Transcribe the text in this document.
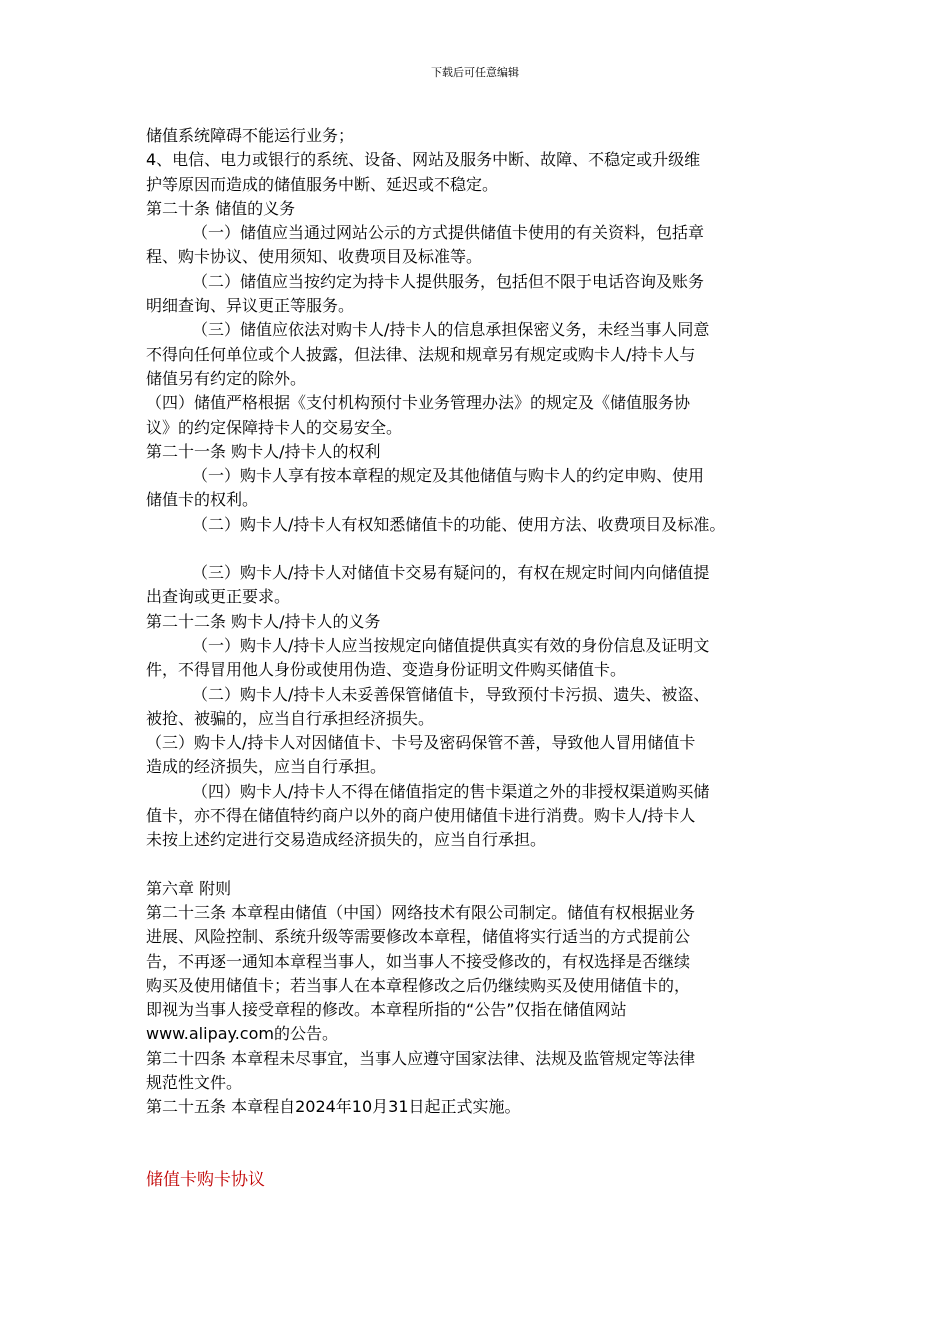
下载后可任意编辑

储值系统障碍不能运行业务；

4、电信、电力或银行的系统、设备、网站及服务中断、故障、不稳定或升级维

护等原因而造成的储值服务中断、延迟或不稳定。

第二十条 储值的义务

（一）储值应当通过网站公示的方式提供储值卡使用的有关资料，包括章

程、购卡协议、使用须知、收费项目及标准等。

（二）储值应当按约定为持卡人提供服务，包括但不限于电话咨询及账务

明细查询、异议更正等服务。

（三）储值应依法对购卡人/持卡人的信息承担保密义务，未经当事人同意

不得向任何单位或个人披露，但法律、法规和规章另有规定或购卡人/持卡人与

储值另有约定的除外。

（四）储值严格根据《支付机构预付卡业务管理办法》的规定及《储值服务协

议》的约定保障持卡人的交易安全。

第二十一条 购卡人/持卡人的权利

（一）购卡人享有按本章程的规定及其他储值与购卡人的约定申购、使用

储值卡的权利。

（二）购卡人/持卡人有权知悉储值卡的功能、使用方法、收费项目及标准。

（三）购卡人/持卡人对储值卡交易有疑问的，有权在规定时间内向储值提

出查询或更正要求。

第二十二条 购卡人/持卡人的义务

（一）购卡人/持卡人应当按规定向储值提供真实有效的身份信息及证明文

件，不得冒用他人身份或使用伪造、变造身份证明文件购买储值卡。

（二）购卡人/持卡人未妥善保管储值卡，导致预付卡污损、遗失、被盗、

被抢、被骗的，应当自行承担经济损失。

（三）购卡人/持卡人对因储值卡、卡号及密码保管不善，导致他人冒用储值卡

造成的经济损失，应当自行承担。

（四）购卡人/持卡人不得在储值指定的售卡渠道之外的非授权渠道购买储

值卡，亦不得在储值特约商户以外的商户使用储值卡进行消费。购卡人/持卡人

未按上述约定进行交易造成经济损失的，应当自行承担。

第六章 附则

第二十三条 本章程由储值（中国）网络技术有限公司制定。储值有权根据业务

进展、风险控制、系统升级等需要修改本章程，储值将实行适当的方式提前公

告，不再逐一通知本章程当事人，如当事人不接受修改的，有权选择是否继续

购买及使用储值卡；若当事人在本章程修改之后仍继续购买及使用储值卡的，

即视为当事人接受章程的修改。本章程所指的“公告”仅指在储值网站

www.alipay.com的公告。

第二十四条 本章程未尽事宜，当事人应遵守国家法律、法规及监管规定等法律

规范性文件。

第二十五条 本章程自2024年10月31日起正式实施。

储值卡购卡协议
